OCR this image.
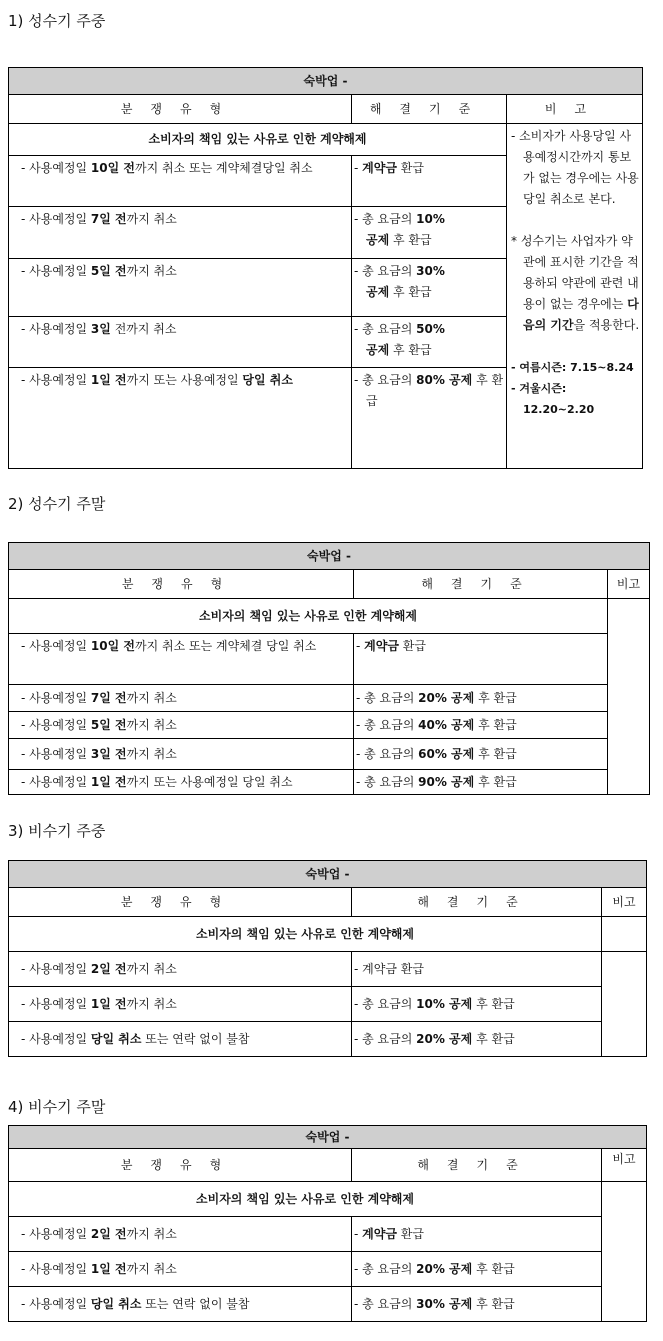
1) 성수기 주중
숙박업 -		
분쟁유형	해결기준	비고
소비자의 책임 있는 사유로 인한 계약해제		- 소비자가 사용당일 사용예정시간까지 통보가 없는 경우에는 사용당일 취소로 본다.
* 성수기는 사업자가 약관에 표시한 기간을 적용하되 약관에 관련 내용이 없는 경우에는 다음의 기간을 적용한다.
- 여름시즌: 7.15~8.24
- 겨울시즌: 12.20~2.20

- 사용예정일 10일 전까지 취소 또는 계약체결당일 취소	- 계약금 환급	
- 사용예정일 7일 전까지 취소	- 총 요금의 10%
공제 후 환급	
- 사용예정일 5일 전까지 취소	- 총 요금의 30%
공제 후 환급	
- 사용예정일 3일 전까지 취소	- 총 요금의 50%
공제 후 환급	

- 사용예정일 1일 전까지 또는 사용예정일 당일 취소	- 총 요금의 80% 공제 후 환급	
2) 성수기 주말
숙박업 -		
분쟁유형	해결기준	비고
소비자의 책임 있는 사유로 인한 계약해제		

- 사용예정일 10일 전까지 취소 또는 계약체결 당일 취소	- 계약금 환급	
- 사용예정일 7일 전까지 취소	- 총 요금의 20% 공제 후 환급	
- 사용예정일 5일 전까지 취소	- 총 요금의 40% 공제 후 환급	
- 사용예정일 3일 전까지 취소	- 총 요금의 60% 공제 후 환급	
- 사용예정일 1일 전까지 또는 사용예정일 당일 취소	- 총 요금의 90% 공제 후 환급	
3) 비수기 주중
숙박업 -		
분쟁유형	해결기준	비고
소비자의 책임 있는 사유로 인한 계약해제		
- 사용예정일 2일 전까지 취소	- 계약금 환급	
- 사용예정일 1일 전까지 취소	- 총 요금의 10% 공제 후 환급	
- 사용예정일 당일 취소 또는 연락 없이 불참	- 총 요금의 20% 공제 후 환급	
4) 비수기 주말
숙박업 -		
분쟁유형	해결기준	비고
소비자의 책임 있는 사유로 인한 계약해제		
- 사용예정일 2일 전까지 취소	- 계약금 환급	
- 사용예정일 1일 전까지 취소	- 총 요금의 20% 공제 후 환급	
- 사용예정일 당일 취소 또는 연락 없이 불참	- 총 요금의 30% 공제 후 환급	
